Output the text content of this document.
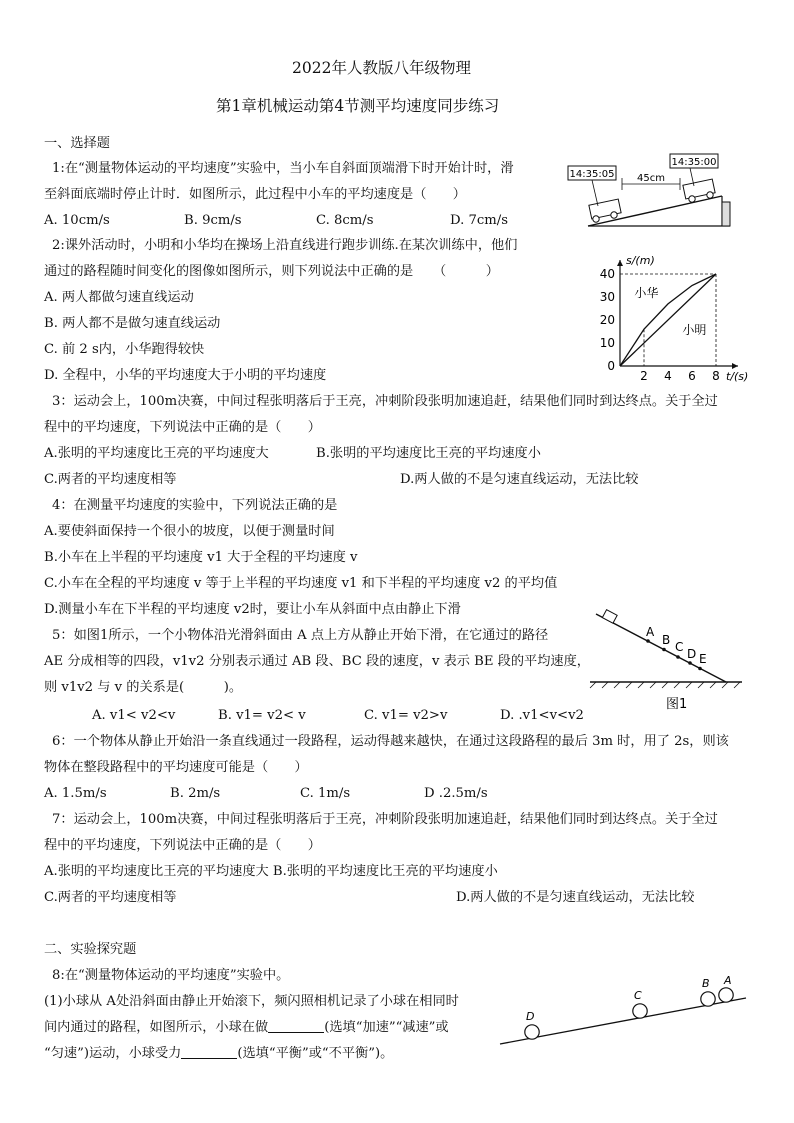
2022年人教版八年级物理
第1章机械运动第4节测平均速度同步练习
一、选择题
1:在“测量物体运动的平均速度”实验中，当小车自斜面顶端滑下时开始计时，滑
至斜面底端时停止计时．如图所示，此过程中小车的平均速度是（　　）
A. 10cm/s	B. 9cm/s	C. 8cm/s	D. 7cm/s
14:35:05
14:35:00
45cm
2:课外活动时，小明和小华均在操场上沿直线进行跑步训练.在某次训练中，他们
通过的路程随时间变化的图像如图所示，则下列说法中正确的是　　（　　　）
A. 两人都做匀速直线运动
B. 两人都不是做匀速直线运动
C. 前 2 s内，小华跑得较快
D. 全程中，小华的平均速度大于小明的平均速度	2 4 6 8
0
10
20
30
40
s/(m)
t/(s)
小华
小明
3：运动会上，100m决赛，中间过程张明落后于王亮，冲刺阶段张明加速追赶，结果他们同时到达终点。关于全过
程中的平均速度，下列说法中正确的是（　　）
A.张明的平均速度比王亮的平均速度大	B.张明的平均速度比王亮的平均速度小
C.两者的平均速度相等	D.两人做的不是匀速直线运动，无法比较
4：在测量平均速度的实验中，下列说法正确的是
A.要使斜面保持一个很小的坡度，以便于测量时间
B.小车在上半程的平均速度 v1 大于全程的平均速度 v
C.小车在全程的平均速度 v 等于上半程的平均速度 v1 和下半程的平均速度 v2 的平均值
D.测量小车在下半程的平均速度 v2时，要让小车从斜面中点由静止下滑
5：如图1所示，一个小物体沿光滑斜面由 A 点上方从静止开始下滑，在它通过的路径
AE 分成相等的四段，v1v2 分别表示通过 AB 段、BC 段的速度，v 表示 BE 段的平均速度，
则 v1v2 与 v 的关系是(　　　)。
A. v1< v2<v	B. v1= v2< v	C. v1= v2>v	D. .v1<v<v2
A
B C D E
图1
6：一个物体从静止开始沿一条直线通过一段路程，运动得越来越快，在通过这段路程的最后 3m 时，用了 2s，则该
物体在整段路程中的平均速度可能是（　　）
A. 1.5m/s	B. 2m/s	C. 1m/s	D .2.5m/s
7：运动会上，100m决赛，中间过程张明落后于王亮，冲刺阶段张明加速追赶，结果他们同时到达终点。关于全过
程中的平均速度，下列说法中正确的是（　　）
A.张明的平均速度比王亮的平均速度大 B.张明的平均速度比王亮的平均速度小
C.两者的平均速度相等	D.两人做的不是匀速直线运动，无法比较
二、实验探究题
8:在“测量物体运动的平均速度”实验中。
(1)小球从 A处沿斜面由静止开始滚下，频闪照相机记录了小球在相同时
间内通过的路程，如图所示，小球在做	(选填“加速”“减速”或
“匀速”)运动，小球受力	(选填“平衡”或“不平衡”)。
D
C
B A
